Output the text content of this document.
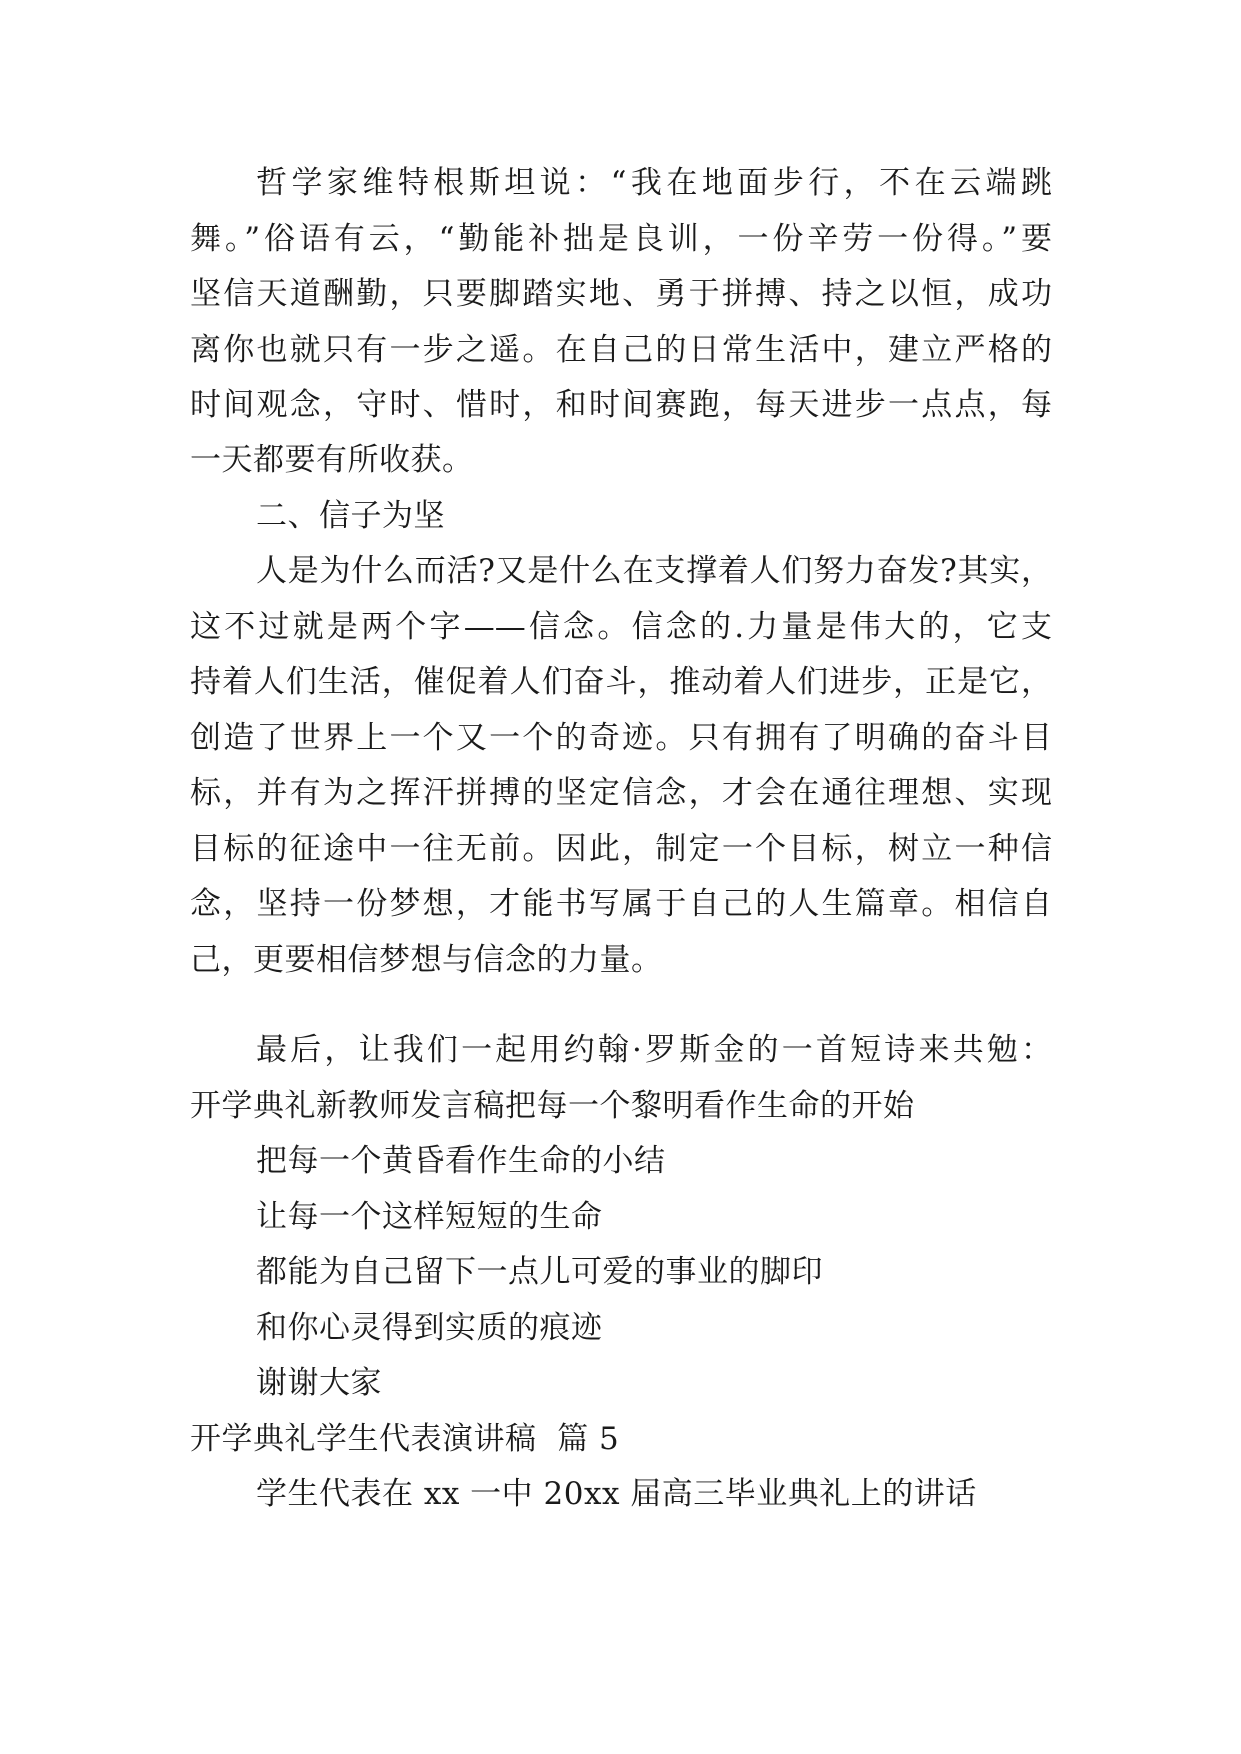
哲学家维特根斯坦说：“我在地面步行，不在云端跳
舞。”俗语有云，“勤能补拙是良训，一份辛劳一份得。”要
坚信天道酬勤，只要脚踏实地、勇于拼搏、持之以恒，成功
离你也就只有一步之遥。在自己的日常生活中，建立严格的
时间观念，守时、惜时，和时间赛跑，每天进步一点点，每
一天都要有所收获。
二、信子为坚
人是为什么而活?又是什么在支撑着人们努力奋发?其实，
这不过就是两个字——信念。信念的.力量是伟大的，它支
持着人们生活，催促着人们奋斗，推动着人们进步，正是它，
创造了世界上一个又一个的奇迹。只有拥有了明确的奋斗目
标，并有为之挥汗拼搏的坚定信念，才会在通往理想、实现
目标的征途中一往无前。因此，制定一个目标，树立一种信
念，坚持一份梦想，才能书写属于自己的人生篇章。相信自
己，更要相信梦想与信念的力量。
最后，让我们一起用约翰·罗斯金的一首短诗来共勉：
开学典礼新教师发言稿把每一个黎明看作生命的开始
把每一个黄昏看作生命的小结
让每一个这样短短的生命
都能为自己留下一点儿可爱的事业的脚印
和你心灵得到实质的痕迹
谢谢大家
开学典礼学生代表演讲稿  篇 5
学生代表在 xx 一中 20xx 届高三毕业典礼上的讲话
